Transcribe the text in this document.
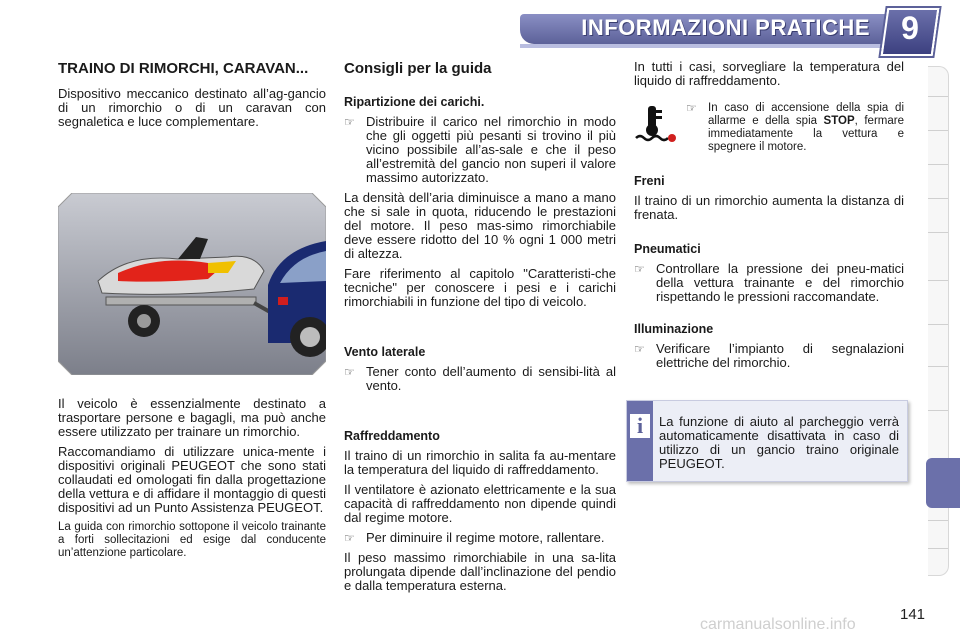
INFORMAZIONI PRATICHE 9
TRAINO DI RIMORCHI, CARAVAN...

Dispositivo meccanico destinato all’ag-gancio di un rimorchio o di un caravan con segnaletica e luce complementare.

Il veicolo è essenzialmente destinato a trasportare persone e bagagli, ma può anche essere utilizzato per trainare un rimorchio.

Raccomandiamo di utilizzare unica-mente i dispositivi originali PEUGEOT che sono stati collaudati ed omologati fin dalla progettazione della vettura e di affidare il montaggio di questi dispositivi ad un Punto Assistenza PEUGEOT.

La guida con rimorchio sottopone il veicolo trainante a forti sollecitazioni ed esige dal conducente un’attenzione particolare.

Consigli per la guida
Ripartizione dei carichi.
☞ Distribuire il carico nel rimorchio in modo che gli oggetti più pesanti si trovino il più vicino possibile all’as-sale e che il peso all’estremità del gancio non superi il valore massimo autorizzato.

La densità dell’aria diminuisce a mano a mano che si sale in quota, riducendo le prestazioni del motore. Il peso mas-simo rimorchiabile deve essere ridotto del 10 % ogni 1 000 metri di altezza.

Fare riferimento al capitolo "Caratteristi-che tecniche" per conoscere i pesi e i carichi rimorchiabili in funzione del tipo di veicolo.

Vento laterale
☞ Tener conto dell’aumento di sensibi-lità al vento.
Raffreddamento

Il traino di un rimorchio in salita fa au-mentare la temperatura del liquido di raffreddamento.

Il ventilatore è azionato elettricamente e la sua capacità di raffreddamento non dipende quindi dal regime motore.

☞ Per diminuire il regime motore, rallentare.

Il peso massimo rimorchiabile in una sa-lita prolungata dipende dall’inclinazione del pendio e dalla temperatura esterna.

In tutti i casi, sorvegliare la temperatura del liquido di raffreddamento.

☞ In caso di accensione della spia di allarme e della spia STOP, fermare immediatamente la vettura e spegnere il motore.
Freni

Il traino di un rimorchio aumenta la distanza di frenata.

Pneumatici
☞ Controllare la pressione dei pneu-matici della vettura trainante e del rimorchio rispettando le pressioni raccomandate.
Illuminazione
☞ Verificare l’impianto di segnalazioni elettriche del rimorchio.
i	La funzione di aiuto al parcheggio verrà automaticamente disattivata in caso di utilizzo di un gancio traino originale PEUGEOT.
carmanualsonline.info
141
